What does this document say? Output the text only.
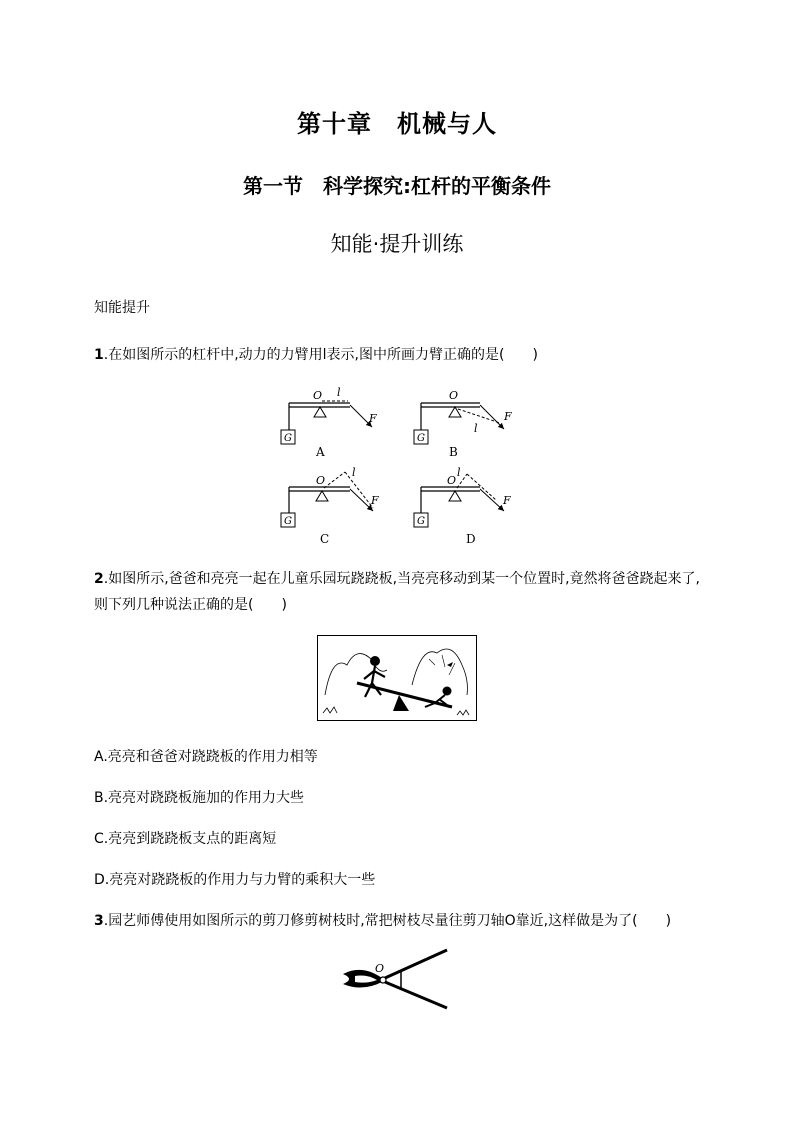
第十章　机械与人
第一节　科学探究:杠杆的平衡条件
知能·提升训练
知能提升
1.在如图所示的杠杆中,动力的力臂用l表示,图中所画力臂正确的是(　　)
G
O l
F
G
O
l
F
A	B
G
O
l
F
G
O
l
F
C	D
2.如图所示,爸爸和亮亮一起在儿童乐园玩跷跷板,当亮亮移动到某一个位置时,竟然将爸爸跷起来了,则下列几种说法正确的是(　　)
A.亮亮和爸爸对跷跷板的作用力相等
B.亮亮对跷跷板施加的作用力大些
C.亮亮到跷跷板支点的距离短
D.亮亮对跷跷板的作用力与力臂的乘积大一些
3.园艺师傅使用如图所示的剪刀修剪树枝时,常把树枝尽量往剪刀轴O靠近,这样做是为了(　　)
O
